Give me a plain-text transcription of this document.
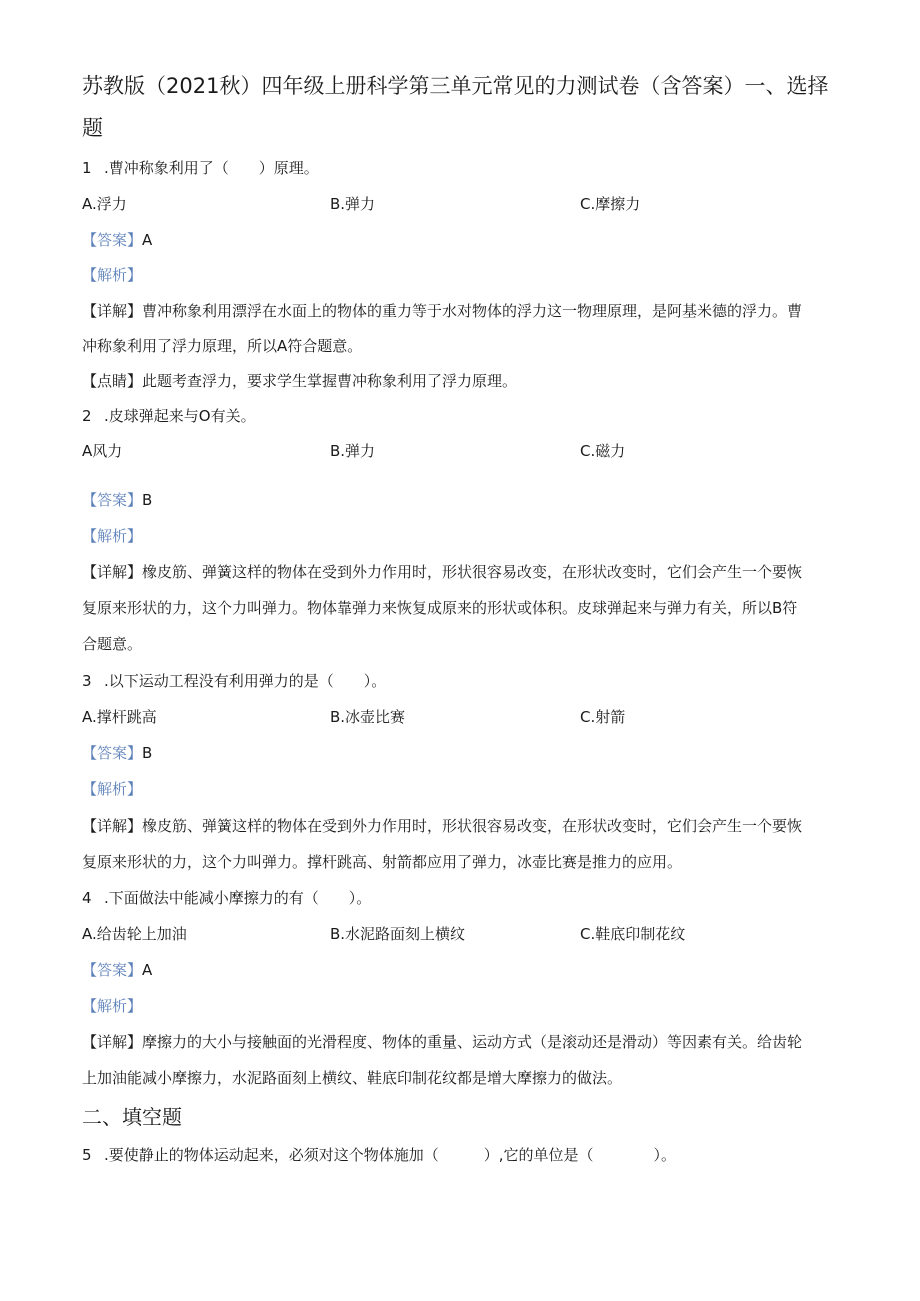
苏教版（2021秋）四年级上册科学第三单元常见的力测试卷（含答案）一、选择
题
1 .曹冲称象利用了（　　）原理。
A.浮力	B.弹力	C.摩擦力
【答案】A
【解析】
【详解】曹冲称象利用漂浮在水面上的物体的重力等于水对物体的浮力这一物理原理，是阿基米德的浮力。曹
冲称象利用了浮力原理，所以A符合题意。
【点睛】此题考查浮力，要求学生掌握曹冲称象利用了浮力原理。
2 .皮球弹起来与O有关。
A风力	B.弹力	C.磁力
【答案】B
【解析】
【详解】橡皮筋、弹簧这样的物体在受到外力作用时，形状很容易改变，在形状改变时，它们会产生一个要恢
复原来形状的力，这个力叫弹力。物体靠弹力来恢复成原来的形状或体积。皮球弹起来与弹力有关，所以B符
合题意。
3 .以下运动工程没有利用弹力的是（　　）。
A.撑杆跳高	B.冰壶比赛	C.射箭
【答案】B
【解析】
【详解】橡皮筋、弹簧这样的物体在受到外力作用时，形状很容易改变，在形状改变时，它们会产生一个要恢
复原来形状的力，这个力叫弹力。撑杆跳高、射箭都应用了弹力，冰壶比赛是推力的应用。
4 .下面做法中能减小摩擦力的有（　　）。
A.给齿轮上加油	B.水泥路面刻上横纹	C.鞋底印制花纹
【答案】A
【解析】
【详解】摩擦力的大小与接触面的光滑程度、物体的重量、运动方式（是滚动还是滑动）等因素有关。给齿轮
上加油能减小摩擦力，水泥路面刻上横纹、鞋底印制花纹都是增大摩擦力的做法。
二、填空题
5 .要使静止的物体运动起来，必须对这个物体施加（　　　）,它的单位是（　　　　）。
